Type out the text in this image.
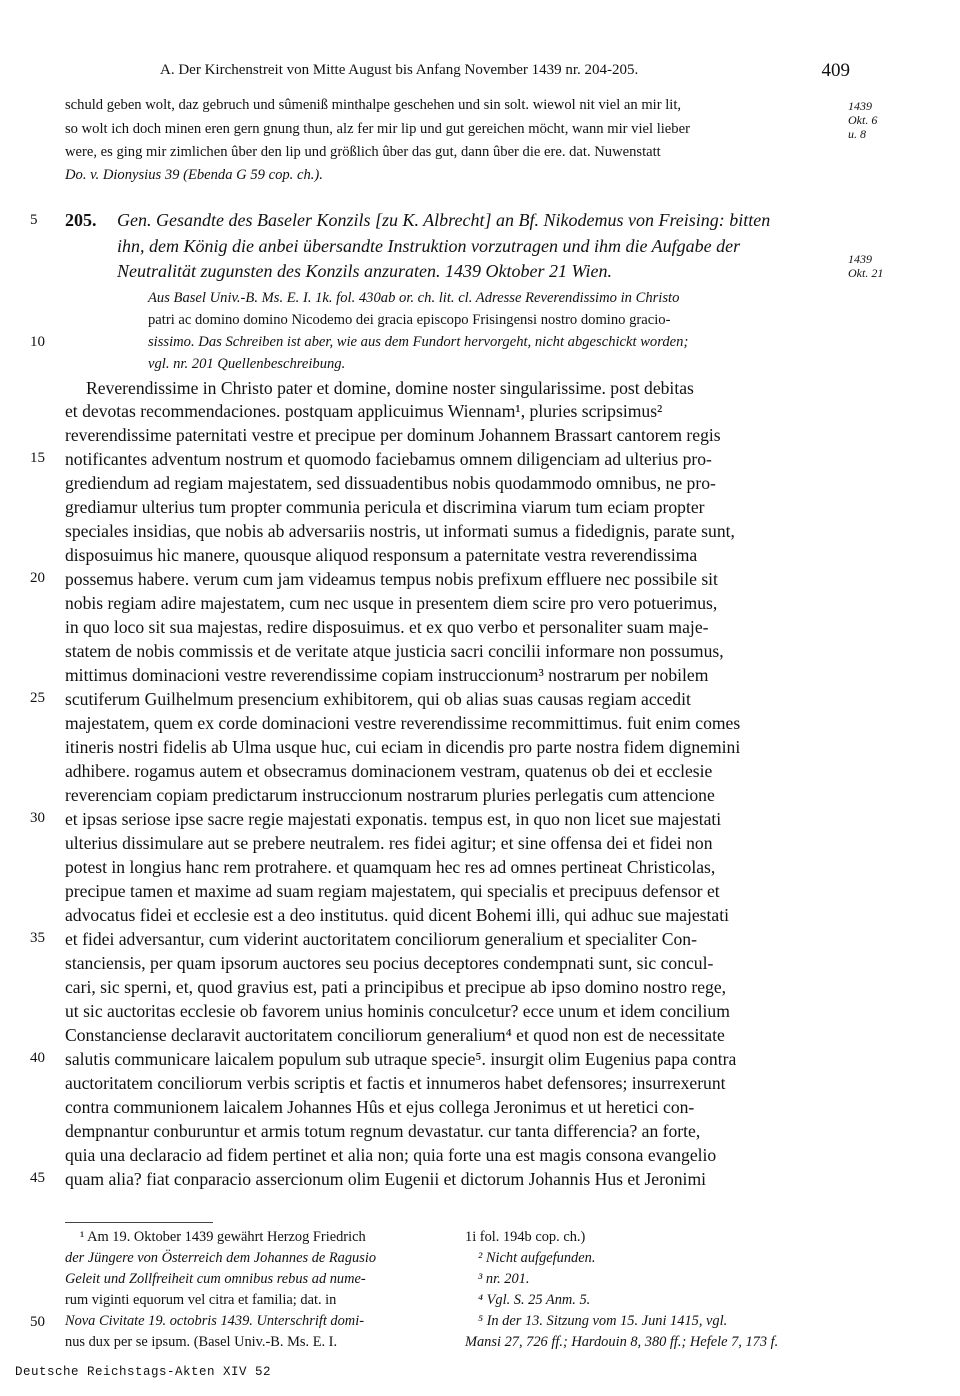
A. Der Kirchenstreit von Mitte August bis Anfang November 1439 nr. 204-205.	409
schuld geben wolt, daz gebruch und sûmeniß minthalpe geschehen und sin solt. wiewol nit viel an mir lit,
so wolt ich doch minen eren gern gnung thun, alz fer mir lip und gut gereichen möcht, wann mir viel lieber
were, es ging mir zimlichen ûber den lip und größlich ûber das gut, dann ûber die ere. dat. Nuwenstatt
Do. v. Dionysius 39 (Ebenda G 59 cop. ch.).
1439
Okt. 6
u. 8
5	205. Gen. Gesandte des Baseler Konzils [zu K. Albrecht] an Bf. Nikodemus von Freising: bitten
ihn, dem König die anbei übersandte Instruktion vorzutragen und ihm die Aufgabe der
Neutralität zugunsten des Konzils anzuraten. 1439 Oktober 21 Wien.
1439
Okt. 21
Aus Basel Univ.-B. Ms. E. I. 1k. fol. 430ab or. ch. lit. cl. Adresse Reverendissimo in Christo
patri ac domino domino Nicodemo dei gracia episcopo Frisingensi nostro domino gracio-
10	sissimo. Das Schreiben ist aber, wie aus dem Fundort hervorgeht, nicht abgeschickt worden;
vgl. nr. 201 Quellenbeschreibung.
Reverendissime in Christo pater et domine, domine noster singularissime. post debitas
et devotas recommendaciones. postquam applicuimus Wiennam¹, pluries scripsimus²
reverendissime paternitati vestre et precipue per dominum Johannem Brassart cantorem regis
15	notificantes adventum nostrum et quomodo faciebamus omnem diligenciam ad ulterius pro-
grediendum ad regiam majestatem, sed dissuadentibus nobis quodammodo omnibus, ne pro-
grediamur ulterius tum propter communia pericula et discrimina viarum tum eciam propter
speciales insidias, que nobis ab adversariis nostris, ut informati sumus a fidedignis, parate sunt,
disposuimus hic manere, quousque aliquod responsum a paternitate vestra reverendissima
20	possemus habere. verum cum jam videamus tempus nobis prefixum effluere nec possibile sit
nobis regiam adire majestatem, cum nec usque in presentem diem scire pro vero potuerimus,
in quo loco sit sua majestas, redire disposuimus. et ex quo verbo et personaliter suam maje-
statem de nobis commissis et de veritate atque justicia sacri concilii informare non possumus,
mittimus dominacioni vestre reverendissime copiam instruccionum³ nostrarum per nobilem
25	scutiferum Guilhelmum presencium exhibitorem, qui ob alias suas causas regiam accedit
majestatem, quem ex corde dominacioni vestre reverendissime recommittimus. fuit enim comes
itineris nostri fidelis ab Ulma usque huc, cui eciam in dicendis pro parte nostra fidem dignemini
adhibere. rogamus autem et obsecramus dominacionem vestram, quatenus ob dei et ecclesie
reverenciam copiam predictarum instruccionum nostrarum pluries perlegatis cum attencione
30	et ipsas seriose ipse sacre regie majestati exponatis. tempus est, in quo non licet sue majestati
ulterius dissimulare aut se prebere neutralem. res fidei agitur; et sine offensa dei et fidei non
potest in longius hanc rem protrahere. et quamquam hec res ad omnes pertineat Christicolas,
precipue tamen et maxime ad suam regiam majestatem, qui specialis et precipuus defensor et
advocatus fidei et ecclesie est a deo institutus. quid dicent Bohemi illi, qui adhuc sue majestati
35	et fidei adversantur, cum viderint auctoritatem conciliorum generalium et specialiter Con-
stanciensis, per quam ipsorum auctores seu pocius deceptores condempnati sunt, sic concul-
cari, sic sperni, et, quod gravius est, pati a principibus et precipue ab ipso domino nostro rege,
ut sic auctoritas ecclesie ob favorem unius hominis conculcetur? ecce unum et idem concilium
Constanciense declaravit auctoritatem conciliorum generalium⁴ et quod non est de necessitate
40	salutis communicare laicalem populum sub utraque specie⁵. insurgit olim Eugenius papa contra
auctoritatem conciliorum verbis scriptis et factis et innumeros habet defensores; insurrexerunt
contra communionem laicalem Johannes Hûs et ejus collega Jeronimus et ut heretici con-
dempnantur conburuntur et armis totum regnum devastatur. cur tanta differencia? an forte,
quia una declaracio ad fidem pertinet et alia non; quia forte una est magis consona evangelio
45	quam alia? fiat conparacio assercionum olim Eugenii et dictorum Johannis Hus et Jeronimi
¹ Am 19. Oktober 1439 gewährt Herzog Friedrich
der Jüngere von Österreich dem Johannes de Ragusio
Geleit und Zollfreiheit cum omnibus rebus ad nume-
rum viginti equorum vel citra et familia; dat. in
50	Nova Civitate 19. octobris 1439. Unterschrift domi-
nus dux per se ipsum. (Basel Univ.-B. Ms. E. I.
1i fol. 194b cop. ch.)
² Nicht aufgefunden.
³ nr. 201.
⁴ Vgl. S. 25 Anm. 5.
⁵ In der 13. Sitzung vom 15. Juni 1415, vgl.
Mansi 27, 726 ff.; Hardouin 8, 380 ff.; Hefele 7, 173 f.
Deutsche Reichstags-Akten XIV 52
